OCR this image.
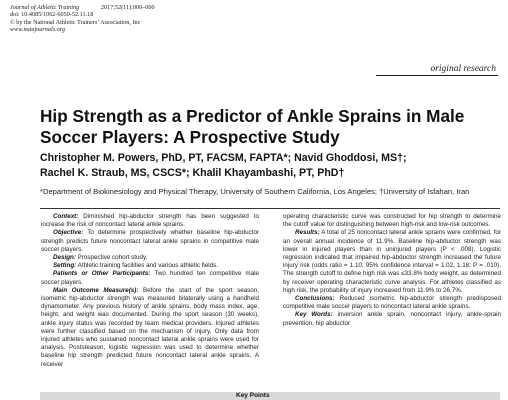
Journal of Athletic Training	2017;52(11):000–000
doi: 10.4085/1062-6050-52.11.18
© by the National Athletic Trainers’ Association, Inc
www.natajournals.org
original research
Hip Strength as a Predictor of Ankle Sprains in Male Soccer Players: A Prospective Study
Christopher M. Powers, PhD, PT, FACSM, FAPTA*; Navid Ghoddosi, MS†;
Rachel K. Straub, MS, CSCS*; Khalil Khayambashi, PT, PhD†
*Department of Biokinesiology and Physical Therapy, University of Southern California, Los Angeles; †University of Isfahan, Iran

Context: Diminished hip-abductor strength has been suggested to increase the risk of noncontact lateral ankle sprains.

Objective: To determine prospectively whether baseline hip-abductor strength predicts future noncontact lateral ankle sprains in competitive male soccer players.

Design: Prospective cohort study.

Setting: Athletic training facilities and various athletic fields.

Patients or Other Participants: Two hundred ten competitive male soccer players.

Main Outcome Measure(s): Before the start of the sport season, isometric hip-abductor strength was measured bilaterally using a handheld dynamometer. Any previous history of ankle sprains, body mass index, age, height, and weight was documented. During the sport season (30 weeks), ankle injury status was recorded by team medical providers. Injured athletes were further classified based on the mechanism of injury. Only data from injured athletes who sustained noncontact lateral ankle sprains were used for analysis. Poststeason, logistic regression was used to determine whether baseline hip strength predicted future noncontact lateral ankle sprains. A receiver

operating characteristic curve was constructed for hip strength to determine the cutoff value for distinguishing between high-risk and low-risk outcomes.

Results: A total of 25 noncontact lateral ankle sprains were confirmed, for an overall annual incidence of 11.9%. Baseline hip-abductor strength was lower in injured players than in uninjured players (P < .008). Logistic regression indicated that impaired hip-abductor strength increased the future injury risk (odds ratio = 1.10; 95% confidence interval = 1.02, 1.18; P = .010). The strength cutoff to define high risk was ≤33.8% body weight, as determined by receiver operating characteristic curve analysis. For athletes classified as high risk, the probability of injury increased from 11.9% to 26.7%.

Conclusions: Reduced isometric hip-abductor strength predisposed competitive male soccer players to noncontact lateral ankle sprains.

Key Words: inversion ankle sprain, noncontact injury, ankle-sprain prevention, hip abductor

Key Points
